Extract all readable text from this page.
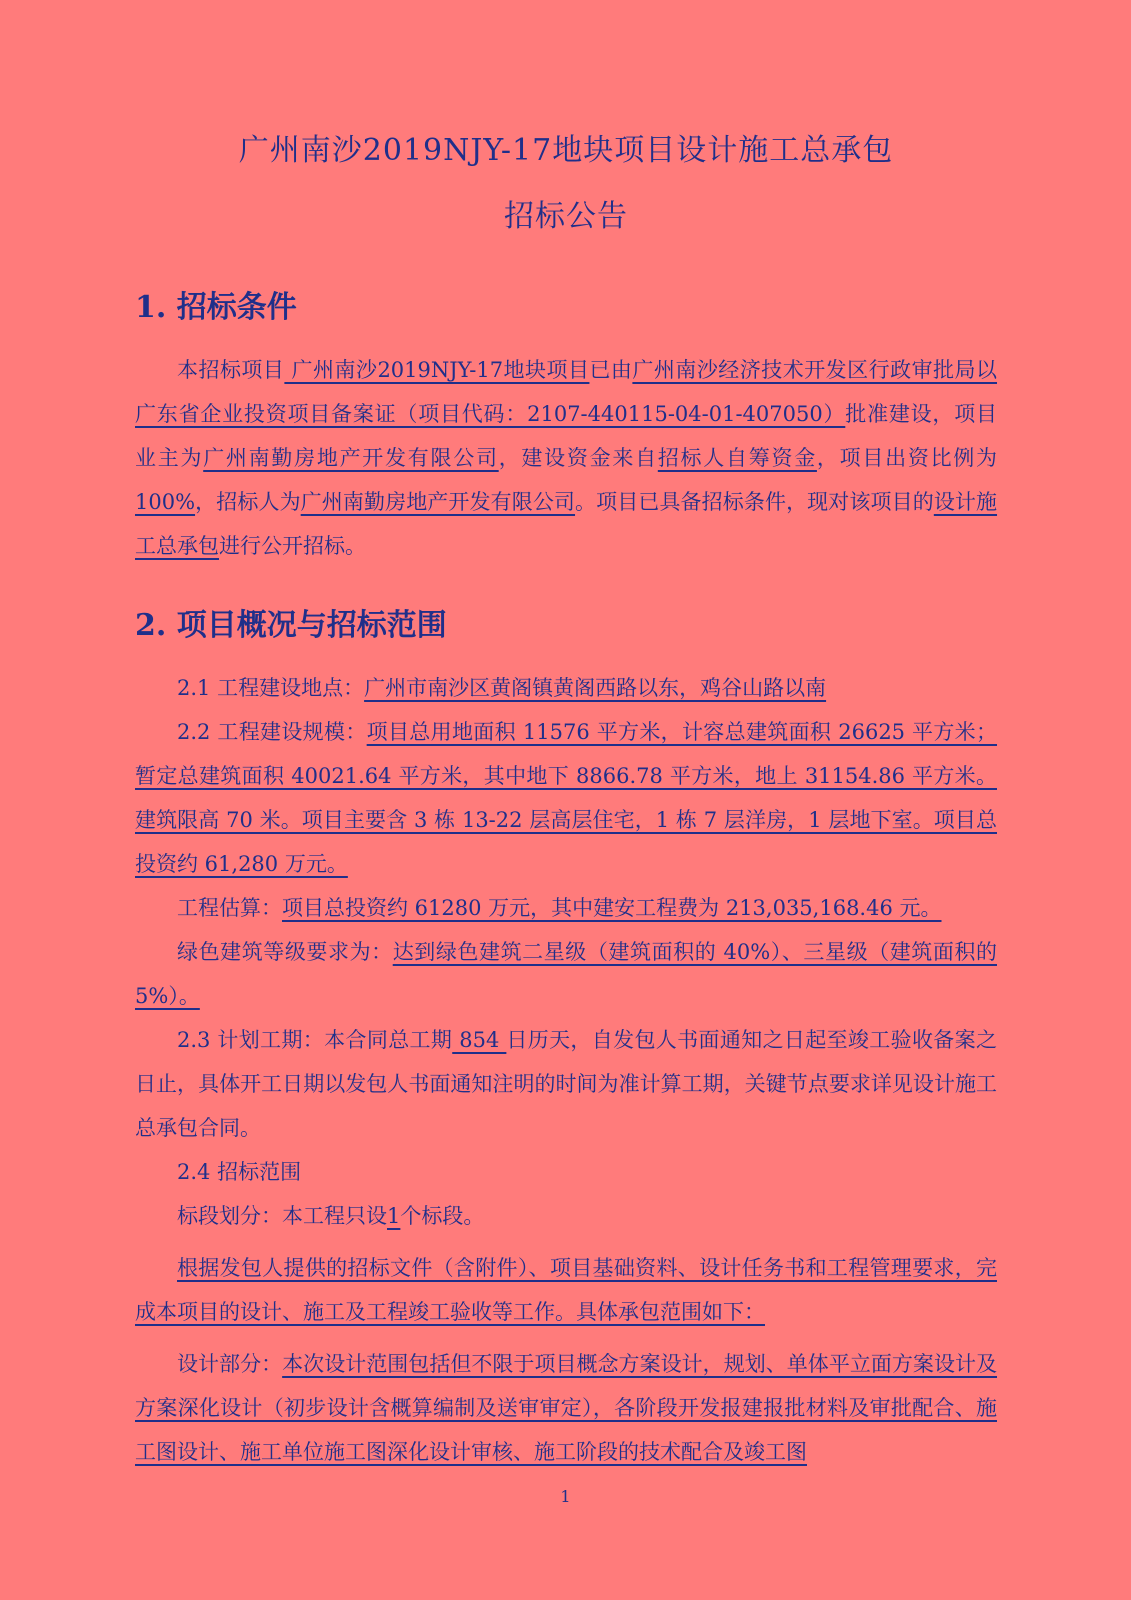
广州南沙2019NJY-17地块项目设计施工总承包
招标公告
1. 招标条件

本招标项目 广州南沙2019NJY-17地块项目已由广州南沙经济技术开发区行政审批局以广东省企业投资项目备案证（项目代码：2107-440115-04-01-407050）批准建设，项目业主为广州南勤房地产开发有限公司，建设资金来自招标人自筹资金，项目出资比例为100%，招标人为广州南勤房地产开发有限公司。项目已具备招标条件，现对该项目的设计施工总承包进行公开招标。

2. 项目概况与招标范围

2.1 工程建设地点：广州市南沙区黄阁镇黄阁西路以东，鸡谷山路以南

2.2 工程建设规模：项目总用地面积 11576 平方米，计容总建筑面积 26625 平方米；暂定总建筑面积 40021.64 平方米，其中地下 8866.78 平方米，地上 31154.86 平方米。建筑限高 70 米。项目主要含 3 栋 13-22 层高层住宅，1 栋 7 层洋房，1 层地下室。项目总投资约 61,280 万元。

工程估算：项目总投资约 61280 万元，其中建安工程费为 213,035,168.46 元。

绿色建筑等级要求为：达到绿色建筑二星级（建筑面积的 40%）、三星级（建筑面积的 5%）。

2.3 计划工期：本合同总工期 854 日历天，自发包人书面通知之日起至竣工验收备案之日止，具体开工日期以发包人书面通知注明的时间为准计算工期，关键节点要求详见设计施工总承包合同。

2.4 招标范围

标段划分：本工程只设1个标段。

根据发包人提供的招标文件（含附件）、项目基础资料、设计任务书和工程管理要求，完成本项目的设计、施工及工程竣工验收等工作。具体承包范围如下：

设计部分：本次设计范围包括但不限于项目概念方案设计，规划、单体平立面方案设计及方案深化设计（初步设计含概算编制及送审审定），各阶段开发报建报批材料及审批配合、施工图设计、施工单位施工图深化设计审核、施工阶段的技术配合及竣工图

1
